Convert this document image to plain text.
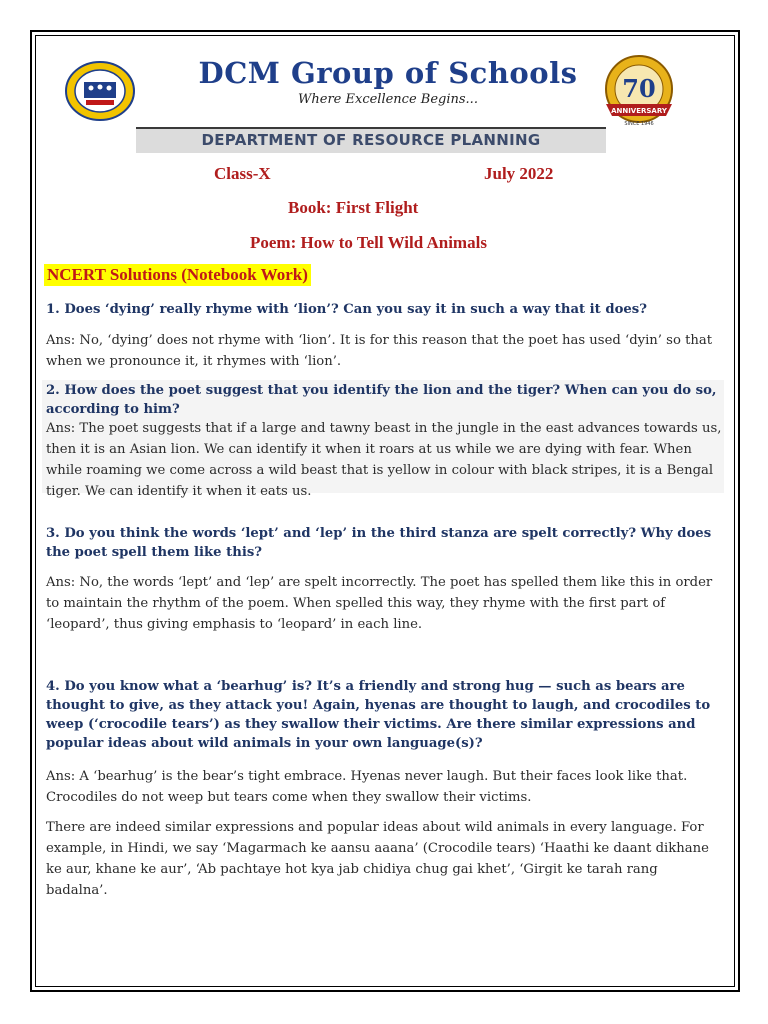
70
ANNIVERSARY
SINCE 1946
DCM Group of Schools
Where Excellence Begins...
DEPARTMENT OF RESOURCE PLANNING
Class-X	July 2022
Book: First Flight
Poem: How to Tell Wild Animals
NCERT Solutions (Notebook Work)
1. Does ‘dying’ really rhyme with ‘lion’? Can you say it in such a way that it does?
Ans: No, ‘dying’ does not rhyme with ‘lion’. It is for this reason that the poet has used ‘dyin’ so that when we pronounce it, it rhymes with ‘lion’.
2. How does the poet suggest that you identify the lion and the tiger? When can you do so, according to him?
Ans: The poet suggests that if a large and tawny beast in the jungle in the east advances towards us, then it is an Asian lion. We can identify it when it roars at us while we are dying with fear. When while roaming we come across a wild beast that is yellow in colour with black stripes, it is a Bengal tiger. We can identify it when it eats us.
3. Do you think the words ‘lept’ and ‘lep’ in the third stanza are spelt correctly? Why does the poet spell them like this?
Ans: No, the words ‘lept’ and ‘lep’ are spelt incorrectly. The poet has spelled them like this in order to maintain the rhythm of the poem. When spelled this way, they rhyme with the first part of ‘leopard’, thus giving emphasis to ‘leopard’ in each line.
4. Do you know what a ‘bearhug’ is? It’s a friendly and strong hug — such as bears are thought to give, as they attack you! Again, hyenas are thought to laugh, and crocodiles to weep (‘crocodile tears’) as they swallow their victims. Are there similar expressions and popular ideas about wild animals in your own language(s)?
Ans: A ‘bearhug’ is the bear’s tight embrace. Hyenas never laugh. But their faces look like that. Crocodiles do not weep but tears come when they swallow their victims.
There are indeed similar expressions and popular ideas about wild animals in every language. For example, in Hindi, we say ‘Magarmach ke aansu aaana’ (Crocodile tears) ‘Haathi ke daant dikhane ke aur, khane ke aur’, ‘Ab pachtaye hot kya jab chidiya chug gai khet’, ‘Girgit ke tarah rang badalna’.
